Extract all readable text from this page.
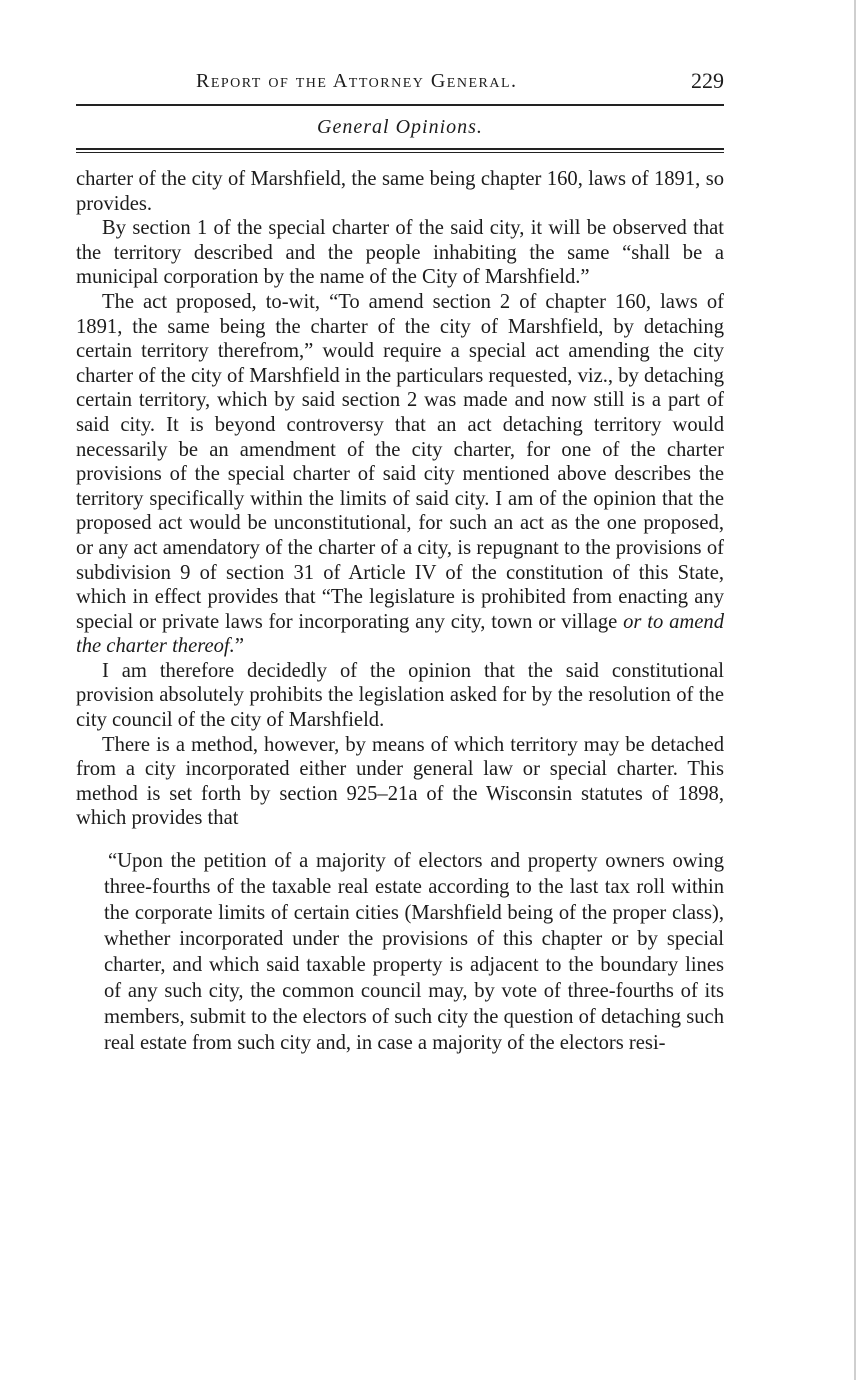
Report of the Attorney General.	229
General Opinions.

charter of the city of Marshfield, the same being chapter 160, laws of 1891, so provides.

By section 1 of the special charter of the said city, it will be observed that the territory described and the people inhabiting the same “shall be a municipal corporation by the name of the City of Marshfield.”

The act proposed, to-wit, “To amend section 2 of chapter 160, laws of 1891, the same being the charter of the city of Marshfield, by detaching certain territory therefrom,” would require a special act amending the city charter of the city of Marshfield in the particulars requested, viz., by detaching certain territory, which by said section 2 was made and now still is a part of said city. It is beyond controversy that an act detaching territory would necessarily be an amendment of the city charter, for one of the charter provisions of the special charter of said city mentioned above describes the territory specifically within the limits of said city. I am of the opinion that the proposed act would be unconstitutional, for such an act as the one proposed, or any act amendatory of the charter of a city, is repugnant to the provisions of subdivision 9 of section 31 of Article IV of the constitution of this State, which in effect provides that “The legislature is prohibited from enacting any special or private laws for incorporating any city, town or village or to amend the charter thereof.”

I am therefore decidedly of the opinion that the said constitutional provision absolutely prohibits the legislation asked for by the resolution of the city council of the city of Marshfield.

There is a method, however, by means of which territory may be detached from a city incorporated either under general law or special charter. This method is set forth by section 925–21a of the Wisconsin statutes of 1898, which provides that

“Upon the petition of a majority of electors and property owners owing three-fourths of the taxable real estate according to the last tax roll within the corporate limits of certain cities (Marshfield being of the proper class), whether incorporated under the provisions of this chapter or by special charter, and which said taxable property is adjacent to the boundary lines of any such city, the common council may, by vote of three-fourths of its members, submit to the electors of such city the question of detaching such real estate from such city and, in case a majority of the electors resi-
